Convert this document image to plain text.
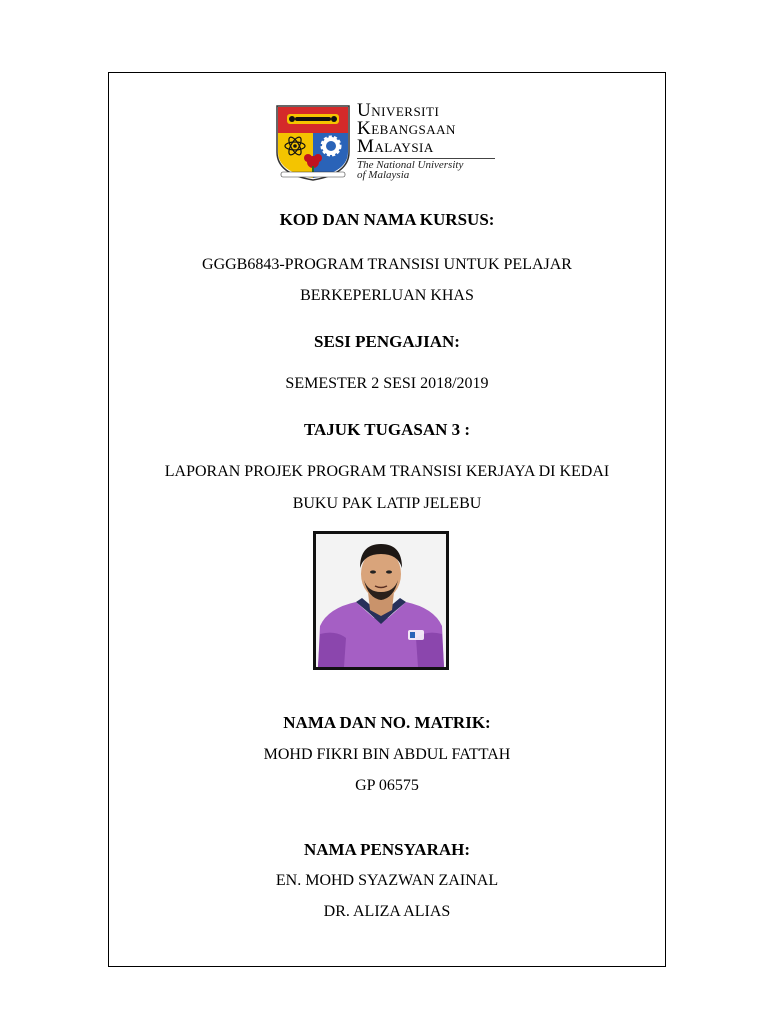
UNIVERSITI
KEBANGSAAN
MALAYSIA
The National University
of Malaysia
KOD DAN NAMA KURSUS:
GGGB6843-PROGRAM TRANSISI UNTUK PELAJAR
BERKEPERLUAN KHAS
SESI PENGAJIAN:
SEMESTER 2 SESI 2018/2019
TAJUK TUGASAN 3 :
LAPORAN PROJEK PROGRAM TRANSISI KERJAYA DI KEDAI
BUKU PAK LATIP JELEBU
NAMA DAN NO. MATRIK:
MOHD FIKRI BIN ABDUL FATTAH
GP 06575
NAMA PENSYARAH:
EN. MOHD SYAZWAN ZAINAL
DR. ALIZA ALIAS
